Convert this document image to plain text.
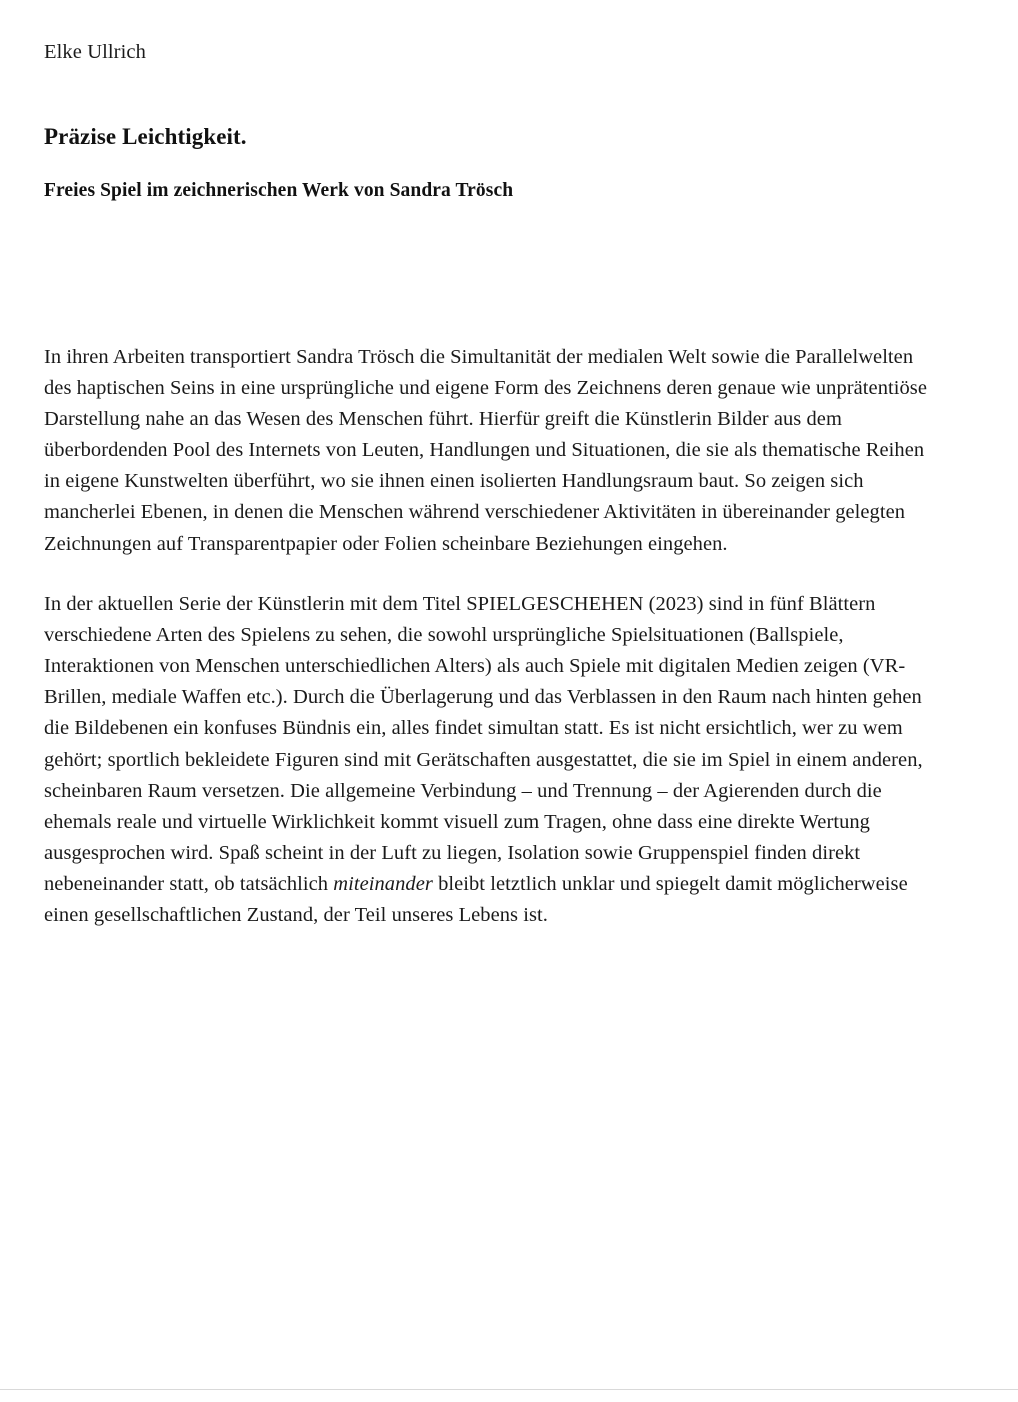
Elke Ullrich
Präzise Leichtigkeit.
Freies Spiel im zeichnerischen Werk von Sandra Trösch

In ihren Arbeiten transportiert Sandra Trösch die Simultanität der medialen Welt sowie die Parallelwelten des haptischen Seins in eine ursprüngliche und eigene Form des Zeichnens deren genaue wie unprätentiöse Darstellung nahe an das Wesen des Menschen führt. Hierfür greift die Künstlerin Bilder aus dem überbordenden Pool des Internets von Leuten, Handlungen und Situationen, die sie als thematische Reihen in eigene Kunstwelten überführt, wo sie ihnen einen isolierten Handlungsraum baut. So zeigen sich mancherlei Ebenen, in denen die Menschen während verschiedener Aktivitäten in übereinander gelegten Zeichnungen auf Transparentpapier oder Folien scheinbare Beziehungen eingehen.

In der aktuellen Serie der Künstlerin mit dem Titel SPIELGESCHEHEN (2023) sind in fünf Blättern verschiedene Arten des Spielens zu sehen, die sowohl ursprüngliche Spielsituationen (Ballspiele, Interaktionen von Menschen unterschiedlichen Alters) als auch Spiele mit digitalen Medien zeigen (VR-Brillen, mediale Waffen etc.). Durch die Überlagerung und das Verblassen in den Raum nach hinten gehen die Bildebenen ein konfuses Bündnis ein, alles findet simultan statt. Es ist nicht ersichtlich, wer zu wem gehört; sportlich bekleidete Figuren sind mit Gerätschaften ausgestattet, die sie im Spiel in einem anderen, scheinbaren Raum versetzen. Die allgemeine Verbindung – und Trennung – der Agierenden durch die ehemals reale und virtuelle Wirklichkeit kommt visuell zum Tragen, ohne dass eine direkte Wertung ausgesprochen wird. Spaß scheint in der Luft zu liegen, Isolation sowie Gruppenspiel finden direkt nebeneinander statt, ob tatsächlich miteinander bleibt letztlich unklar und spiegelt damit möglicherweise einen gesellschaftlichen Zustand, der Teil unseres Lebens ist.
